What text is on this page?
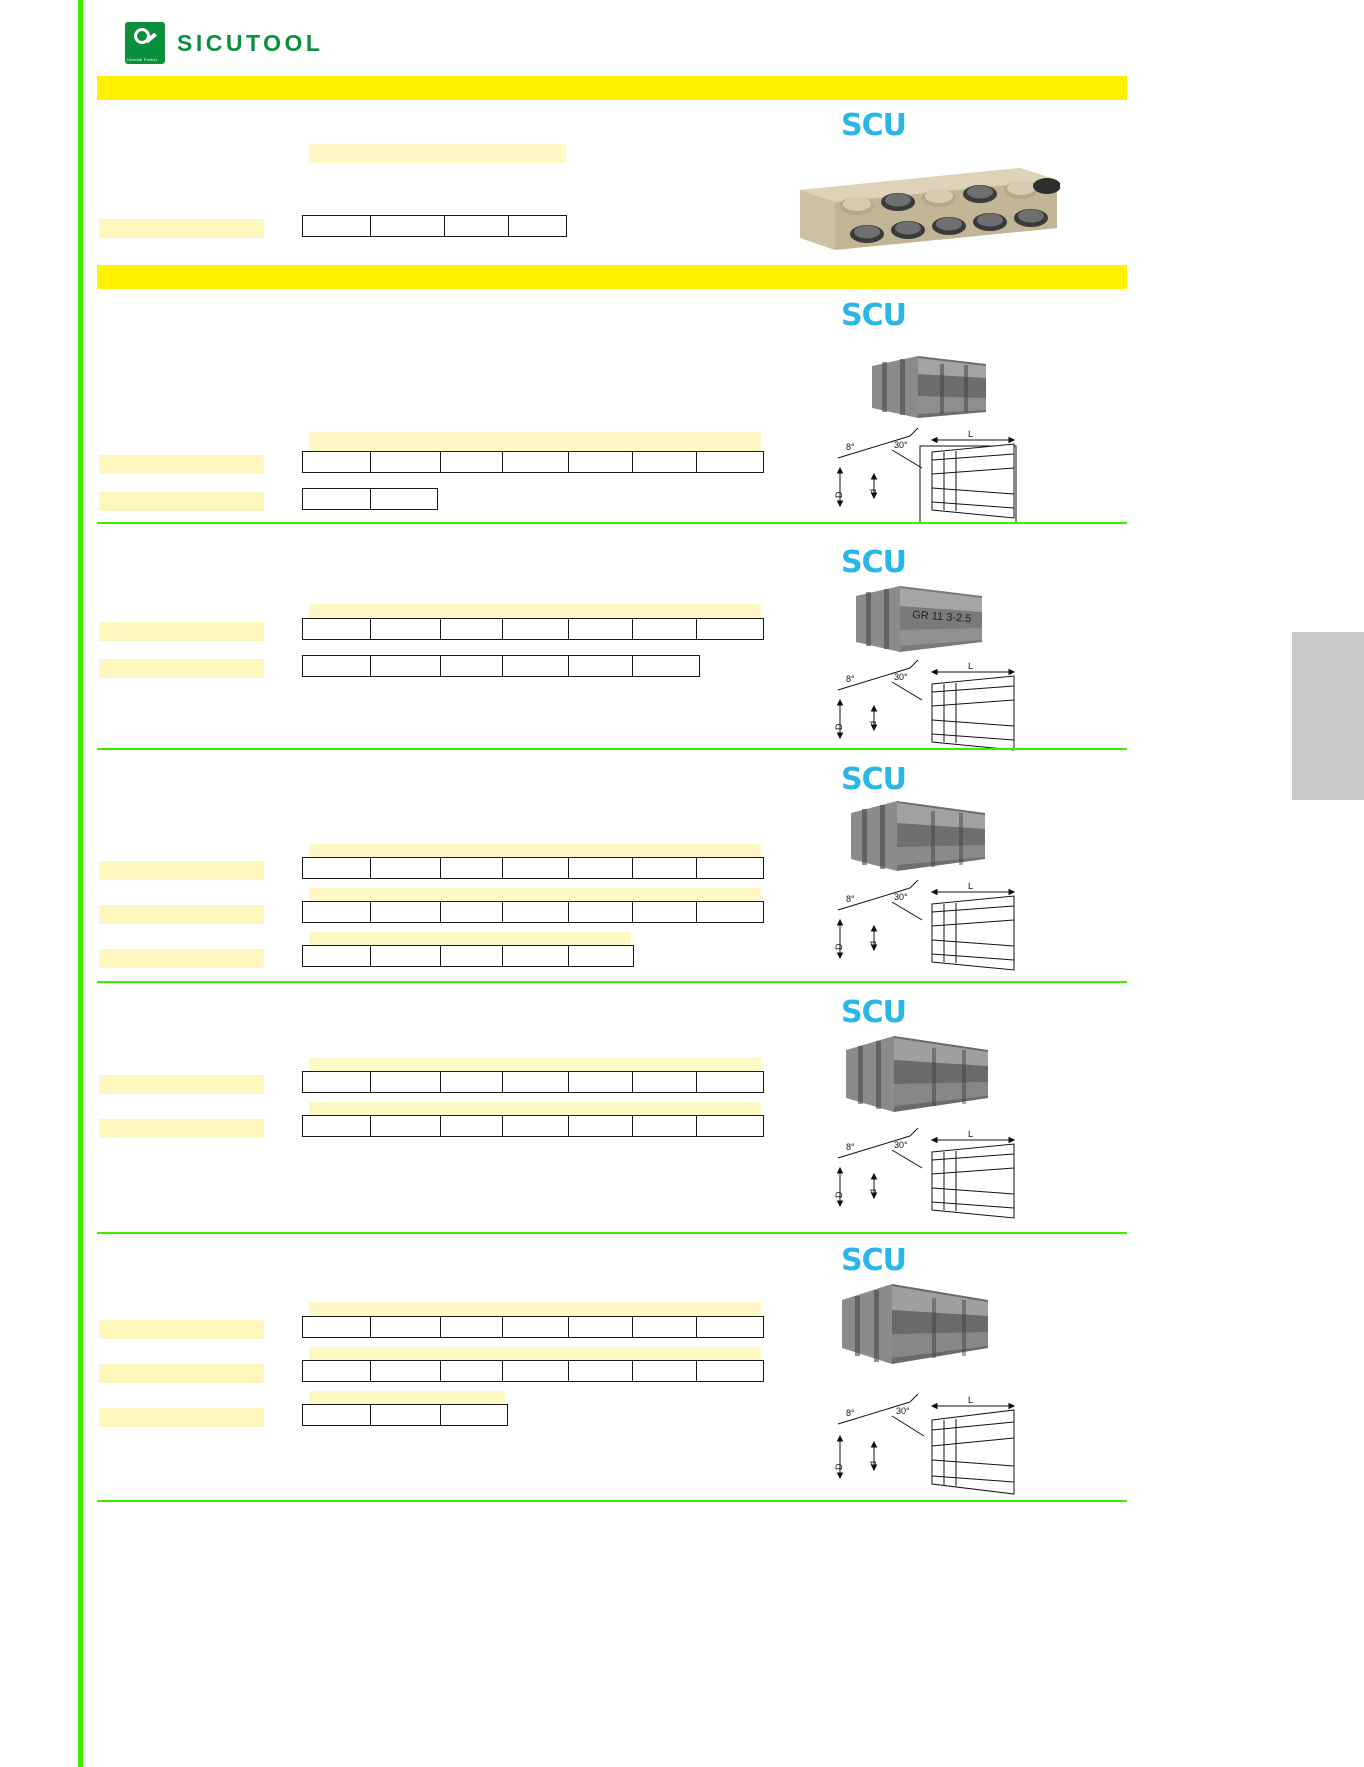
Utensili Pratici
SICUTOOL
SCU
SCU
8°
D
d
30°
L
SCU
GR 11 3-2.5
8°
D
d
30°
L
SCU
8°
D
d
30°
L
SCU
8°
D
d
30°
L
SCU
8°
D
d
30°
L
